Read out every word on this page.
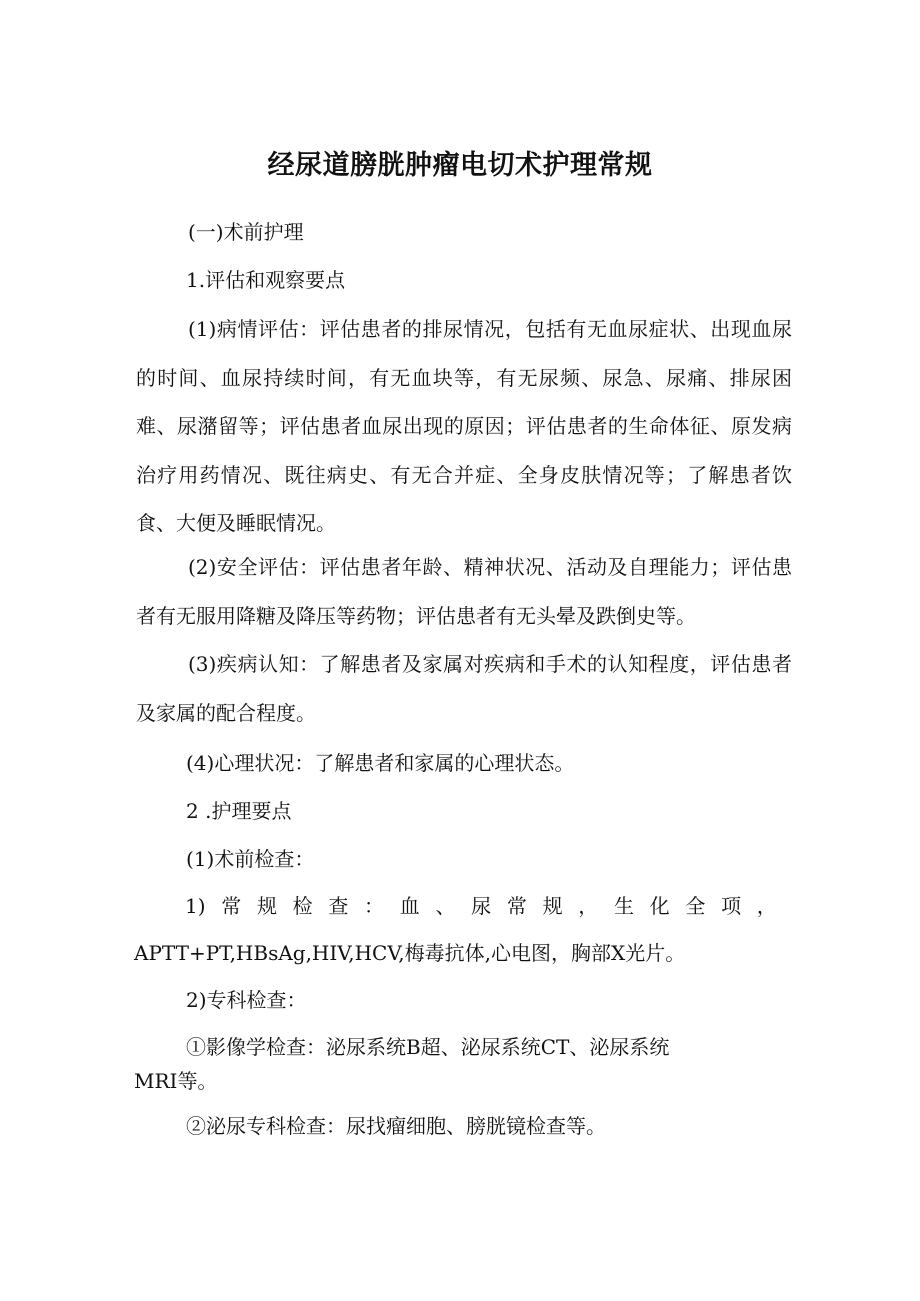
经尿道膀胱肿瘤电切术护理常规
(一)术前护理
1.评估和观察要点
(1)病情评估：评估患者的排尿情况，包括有无血尿症状、出现血尿的时间、血尿持续时间，有无血块等，有无尿频、尿急、尿痛、排尿困难、尿潴留等；评估患者血尿出现的原因；评估患者的生命体征、原发病治疗用药情况、既往病史、有无合并症、全身皮肤情况等；了解患者饮食、大便及睡眠情况。
(2)安全评估：评估患者年龄、精神状况、活动及自理能力；评估患者有无服用降糖及降压等药物；评估患者有无头晕及跌倒史等。
(3)疾病认知：了解患者及家属对疾病和手术的认知程度，评估患者及家属的配合程度。
(4)心理状况：了解患者和家属的心理状态。
2 .护理要点
(1)术前检查：
1) 常 规 检 查 ： 血 、 尿 常 规 ， 生 化 全 项 ，
APTT+PT,HBsAg,HIV,HCV,梅毒抗体,心电图，胸部X光片。
2)专科检查：
①影像学检查：泌尿系统B超、泌尿系统CT、泌尿系统
MRI等。
②泌尿专科检查：尿找瘤细胞、膀胱镜检查等。
